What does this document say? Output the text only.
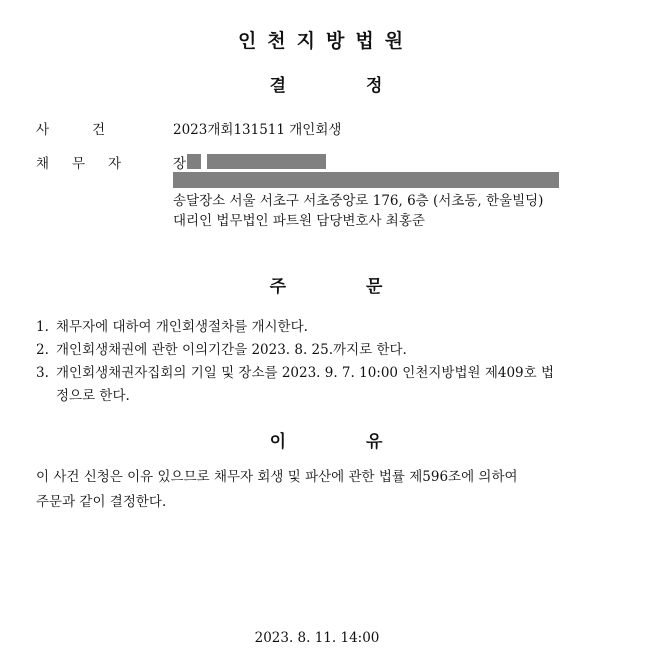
인천지방법원
결	정
사	건	2023개회131511 개인회생
채 무 자	장
송달장소 서울 서초구 서초중앙로 176, 6층 (서초동, 한울빌딩)
대리인 법무법인 파트원 담당변호사 최홍준
주	문
1. 채무자에 대하여 개인회생절차를 개시한다.
2. 개인회생채권에 관한 이의기간을 2023. 8. 25.까지로 한다.
3. 개인회생채권자집회의 기일 및 장소를 2023. 9. 7. 10:00 인천지방법원 제409호 법
정으로 한다.
이	유
이 사건 신청은 이유 있으므로 채무자 회생 및 파산에 관한 법률 제596조에 의하여
주문과 같이 결정한다.
2023. 8. 11. 14:00
